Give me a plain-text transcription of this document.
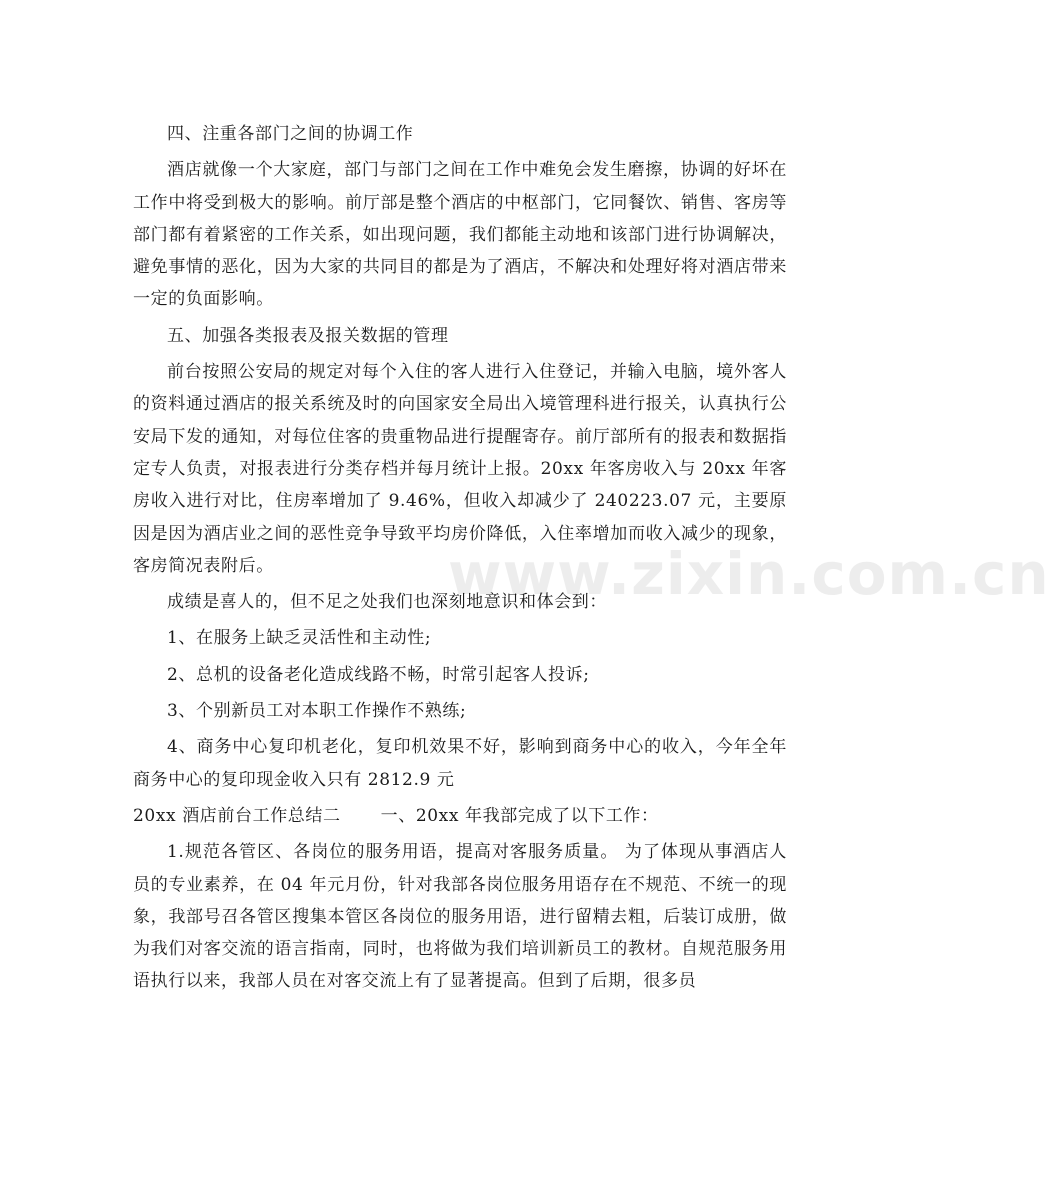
www.zixin.com.cn

四、注重各部门之间的协调工作

酒店就像一个大家庭，部门与部门之间在工作中难免会发生磨擦，协调的好坏在工作中将受到极大的影响。前厅部是整个酒店的中枢部门，它同餐饮、销售、客房等部门都有着紧密的工作关系，如出现问题，我们都能主动地和该部门进行协调解决，避免事情的恶化，因为大家的共同目的都是为了酒店，不解决和处理好将对酒店带来一定的负面影响。

五、加强各类报表及报关数据的管理

前台按照公安局的规定对每个入住的客人进行入住登记，并输入电脑，境外客人的资料通过酒店的报关系统及时的向国家安全局出入境管理科进行报关，认真执行公安局下发的通知，对每位住客的贵重物品进行提醒寄存。前厅部所有的报表和数据指定专人负责，对报表进行分类存档并每月统计上报。20xx 年客房收入与 20xx 年客房收入进行对比，住房率增加了 9.46%，但收入却减少了 240223.07 元，主要原因是因为酒店业之间的恶性竞争导致平均房价降低，入住率增加而收入减少的现象，客房简况表附后。

成绩是喜人的，但不足之处我们也深刻地意识和体会到：

1、在服务上缺乏灵活性和主动性;

2、总机的设备老化造成线路不畅，时常引起客人投诉;

3、个别新员工对本职工作操作不熟练;

4、商务中心复印机老化，复印机效果不好，影响到商务中心的收入，今年全年商务中心的复印现金收入只有 2812.9 元

20xx 酒店前台工作总结二 一、20xx 年我部完成了以下工作：

1.规范各管区、各岗位的服务用语，提高对客服务质量。 为了体现从事酒店人员的专业素养，在 04 年元月份，针对我部各岗位服务用语存在不规范、不统一的现象，我部号召各管区搜集本管区各岗位的服务用语，进行留精去粗，后装订成册，做为我们对客交流的语言指南，同时，也将做为我们培训新员工的教材。自规范服务用语执行以来，我部人员在对客交流上有了显著提高。但到了后期，很多员
